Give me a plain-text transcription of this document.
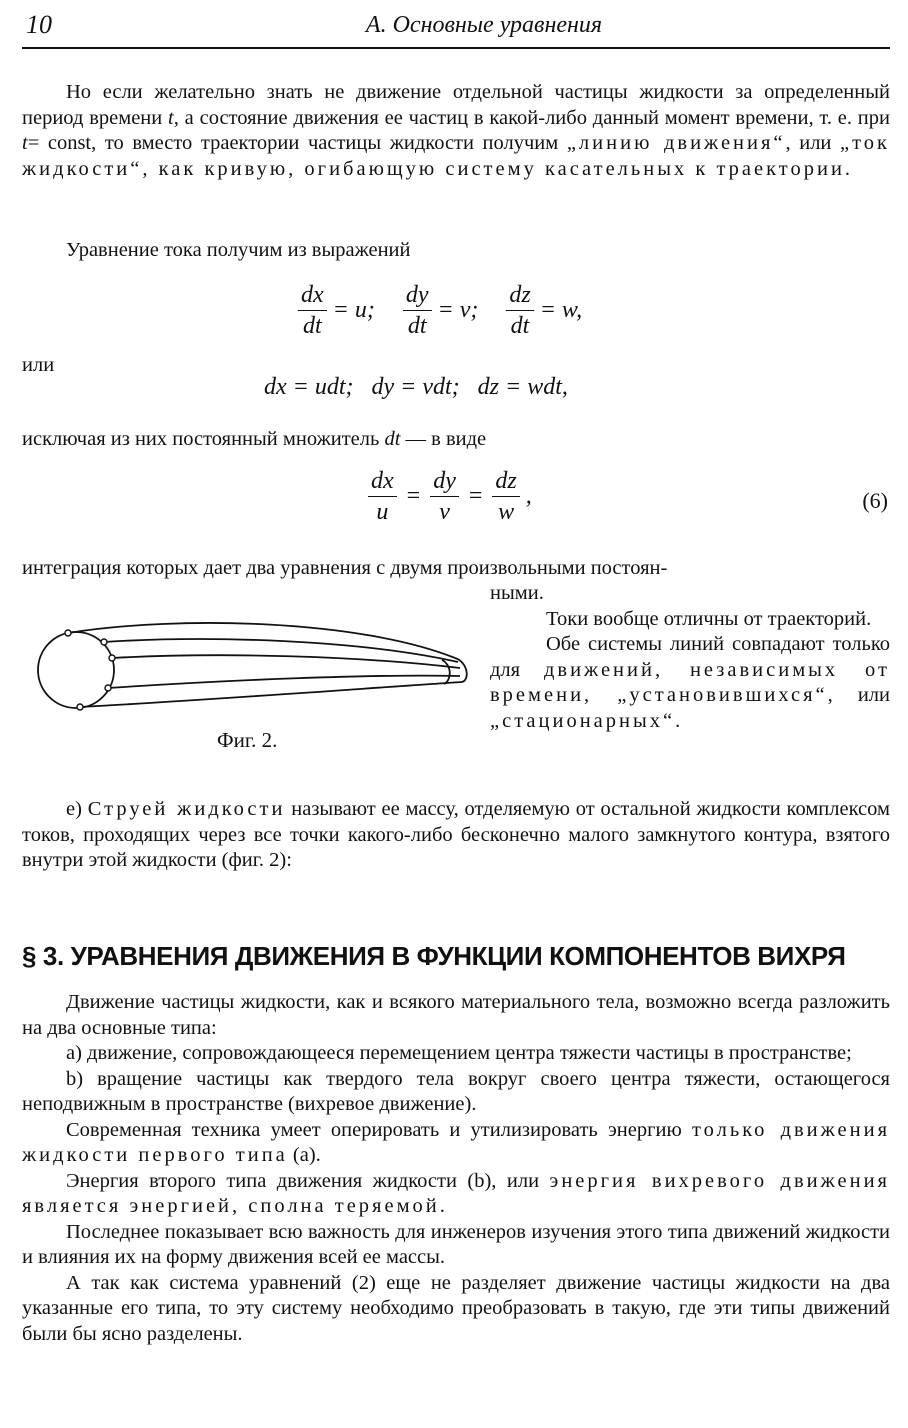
10	А. Основные уравнения

Но если желательно знать не движение отдельной частицы жидкости за определенный период времени t, а состояние движения ее частиц в какой-либо данный момент времени, т. е. при t= const, то вместо траектории частицы жидкости получим „линию движения“, или „ток жидкости“, как кривую, огибающую систему касательных к траектории.

Уравнение тока получим из выражений

$\frac{dx}{dt} = u$; $\frac{dy}{dt} = v$; $\frac{dz}{dt} = w$,
или
dx = udt;   dy = vdt;   dz = wdt,

исключая из них постоянный множитель dt — в виде

$\frac{dx}{u} = \frac{dy}{v} = \frac{dz}{w}$ ,	(6)
интеграция которых дает два уравнения с двумя произвольными постоян-

ными.

Токи вообще отличны от траекторий.

Обе системы линий совпадают только для движений, независимых от времени, „установившихся“, или „стационарных“.

Фиг. 2.

e) Струей жидкости называют ее массу, отделяемую от остальной жидкости комплексом токов, проходящих через все точки какого-либо бесконечно малого замкнутого контура, взятого внутри этой жидкости (фиг. 2):

§ 3. УРАВНЕНИЯ ДВИЖЕНИЯ В ФУНКЦИИ КОМПОНЕНТОВ ВИХРЯ

Движение частицы жидкости, как и всякого материального тела, возможно всегда разложить на два основные типа:

a) движение, сопровождающееся перемещением центра тяжести частицы в пространстве;

b) вращение частицы как твердого тела вокруг своего центра тяжести, остающегося неподвижным в пространстве (вихревое движение).

Современная техника умеет оперировать и утилизировать энергию только движения жидкости первого типа (a).

Энергия второго типа движения жидкости (b), или энергия вихревого движения является энергией, сполна теряемой.

Последнее показывает всю важность для инженеров изучения этого типа движений жидкости и влияния их на форму движения всей ее массы.

А так как система уравнений (2) еще не разделяет движение частицы жидкости на два указанные его типа, то эту систему необходимо преобразовать в такую, где эти типы движений были бы ясно разделены.
